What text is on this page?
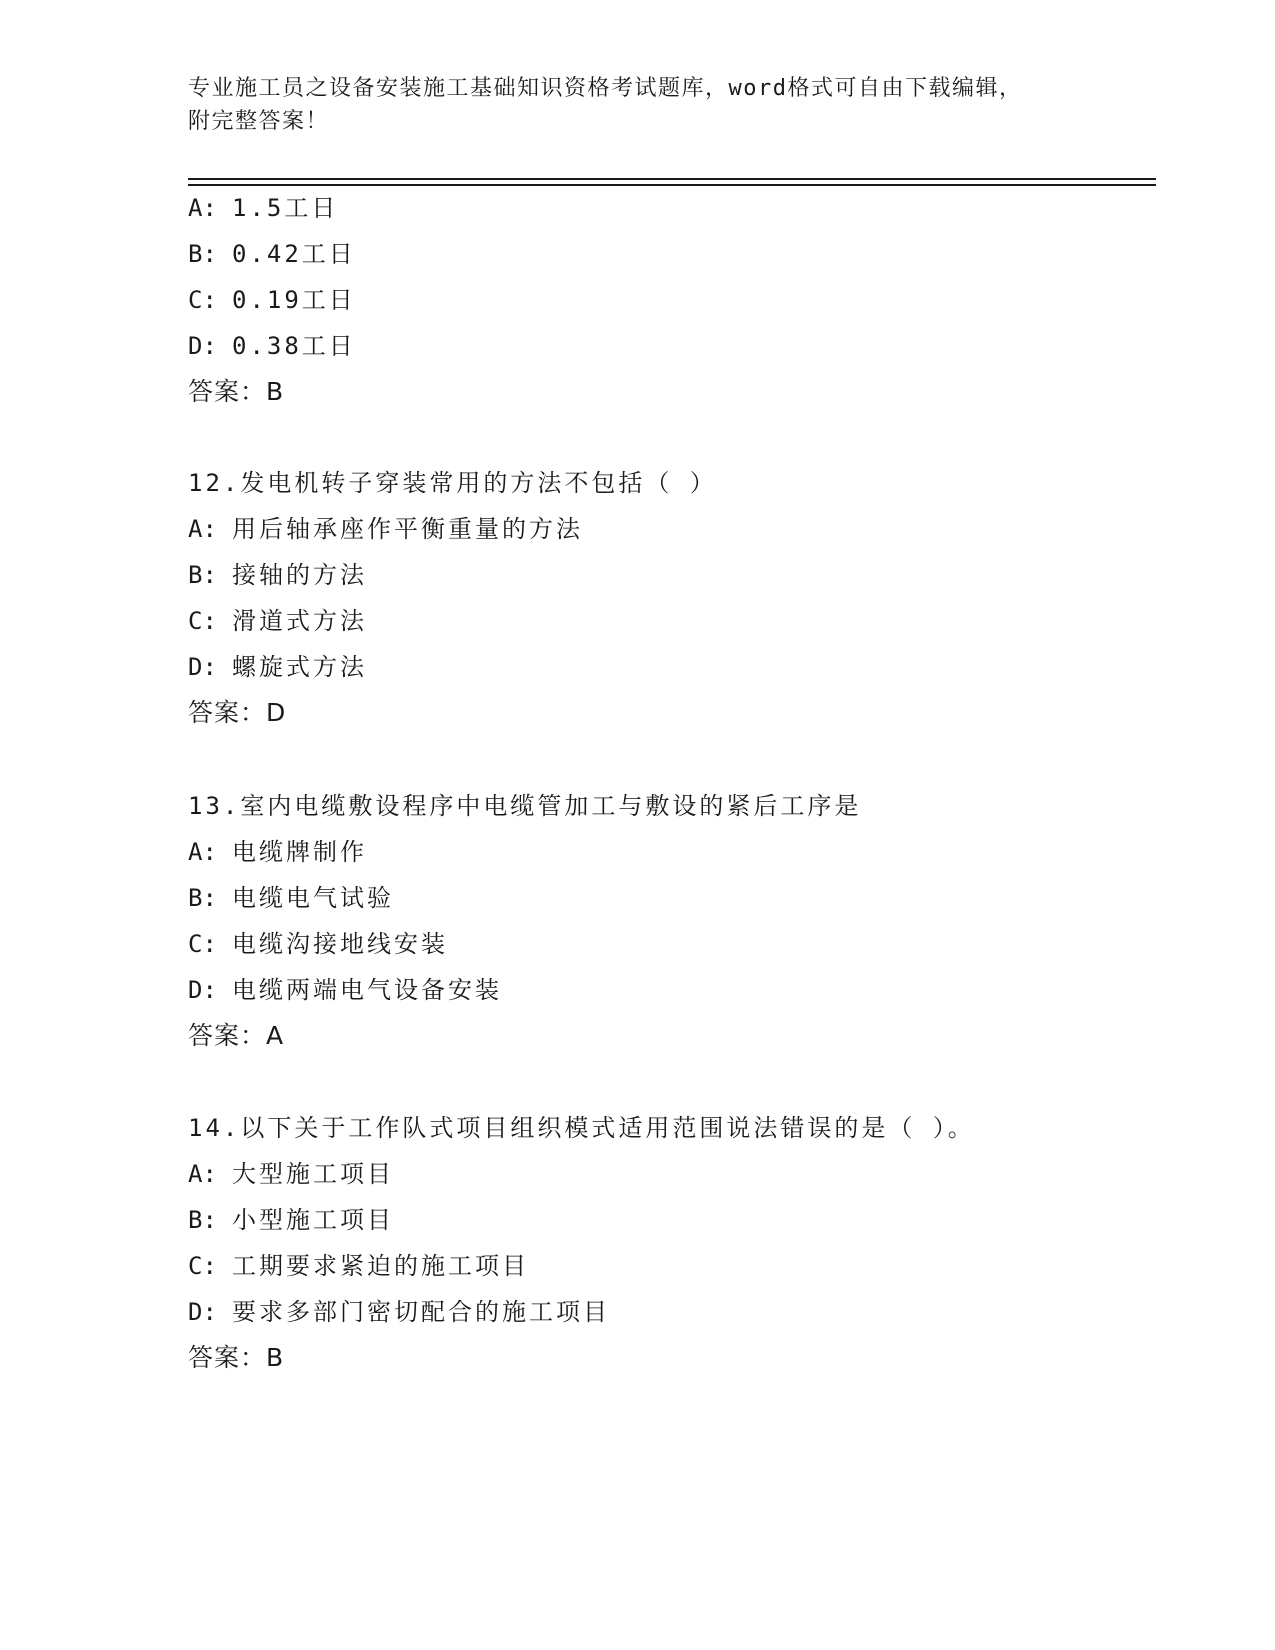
专业施工员之设备安装施工基础知识资格考试题库，word格式可自由下载编辑，
附完整答案！
A: 1.5工日
B: 0.42工日
C: 0.19工日
D: 0.38工日
答案：B
12.发电机转子穿装常用的方法不包括（ ）
A: 用后轴承座作平衡重量的方法
B: 接轴的方法
C: 滑道式方法
D: 螺旋式方法
答案：D
13.室内电缆敷设程序中电缆管加工与敷设的紧后工序是
A: 电缆牌制作
B: 电缆电气试验
C: 电缆沟接地线安装
D: 电缆两端电气设备安装
答案：A
14.以下关于工作队式项目组织模式适用范围说法错误的是（ ）。
A: 大型施工项目
B: 小型施工项目
C: 工期要求紧迫的施工项目
D: 要求多部门密切配合的施工项目
答案：B
